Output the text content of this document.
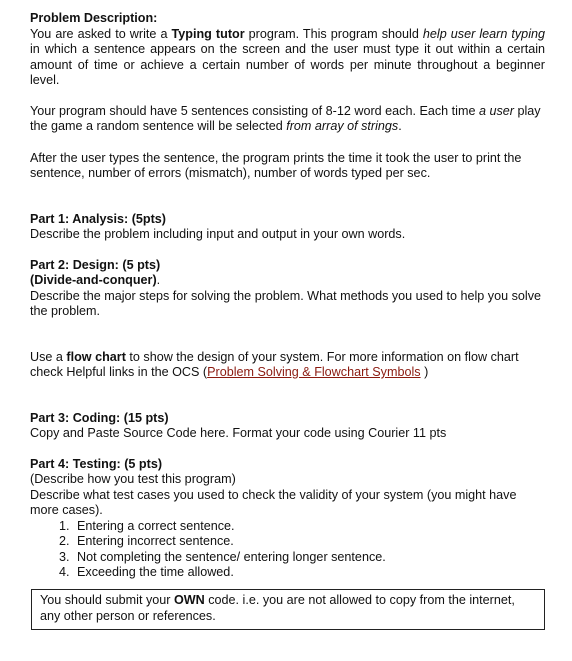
Problem Description:

You are asked to write a Typing tutor program. This program should help user learn typing in which a sentence appears on the screen and the user must type it out within a certain amount of time or achieve a certain number of words per minute throughout a beginner level.

Your program should have 5 sentences consisting of 8-12 word each. Each time a user play the game a random sentence will be selected from array of strings.

After the user types the sentence, the program prints the time it took the user to print the sentence, number of errors (mismatch), number of words typed per sec.

Part 1: Analysis: (5pts)

Describe the problem including input and output in your own words.

Part 2: Design: (5 pts)

(Divide-and-conquer).

Describe the major steps for solving the problem. What methods you used to help you solve the problem.

Use a flow chart to show the design of your system. For more information on flow chart check Helpful links in the OCS (Problem Solving & Flowchart Symbols )

Part 3: Coding: (15 pts)

Copy and Paste Source Code here. Format your code using Courier 11 pts

Part 4: Testing: (5 pts)

(Describe how you test this program)

Describe what test cases you used to check the validity of your system (you might have more cases).

1. Entering a correct sentence.
2. Entering incorrect sentence.
3. Not completing the sentence/ entering longer sentence.
4. Exceeding the time allowed.

You should submit your OWN code. i.e. you are not allowed to copy from the internet, any other person or references.
